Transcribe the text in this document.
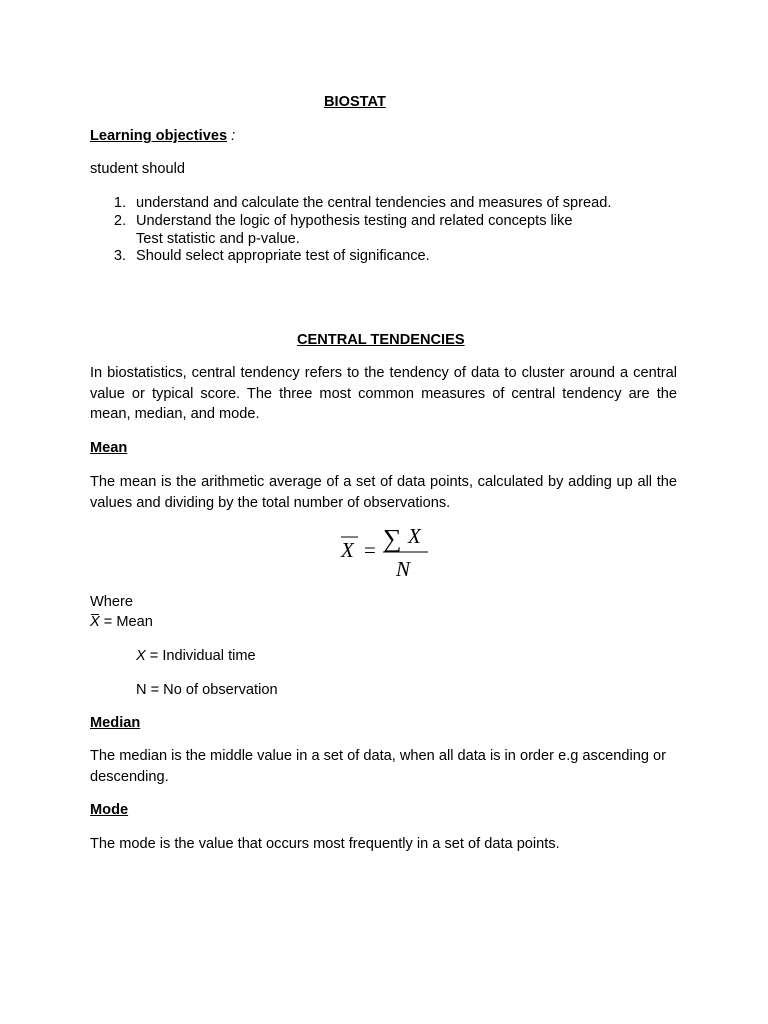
BIOSTAT

Learning objectives :

student should

1. understand and calculate the central tendencies and measures of spread.

2. Understand the logic of hypothesis testing and related concepts like

Test statistic and p-value.

3. Should select appropriate test of significance.

CENTRAL TENDENCIES

In biostatistics, central tendency refers to the tendency of data to cluster around a central value or typical score. The three most common measures of central tendency are the mean, median, and mode.

Mean

The mean is the arithmetic average of a set of data points, calculated by adding up all the values and dividing by the total number of observations.

X = ∑ X
N

Where

X = Mean

X = Individual time

N = No of observation

Median

The median is the middle value in a set of data, when all data is in order e.g ascending or descending.

Mode

The mode is the value that occurs most frequently in a set of data points.
